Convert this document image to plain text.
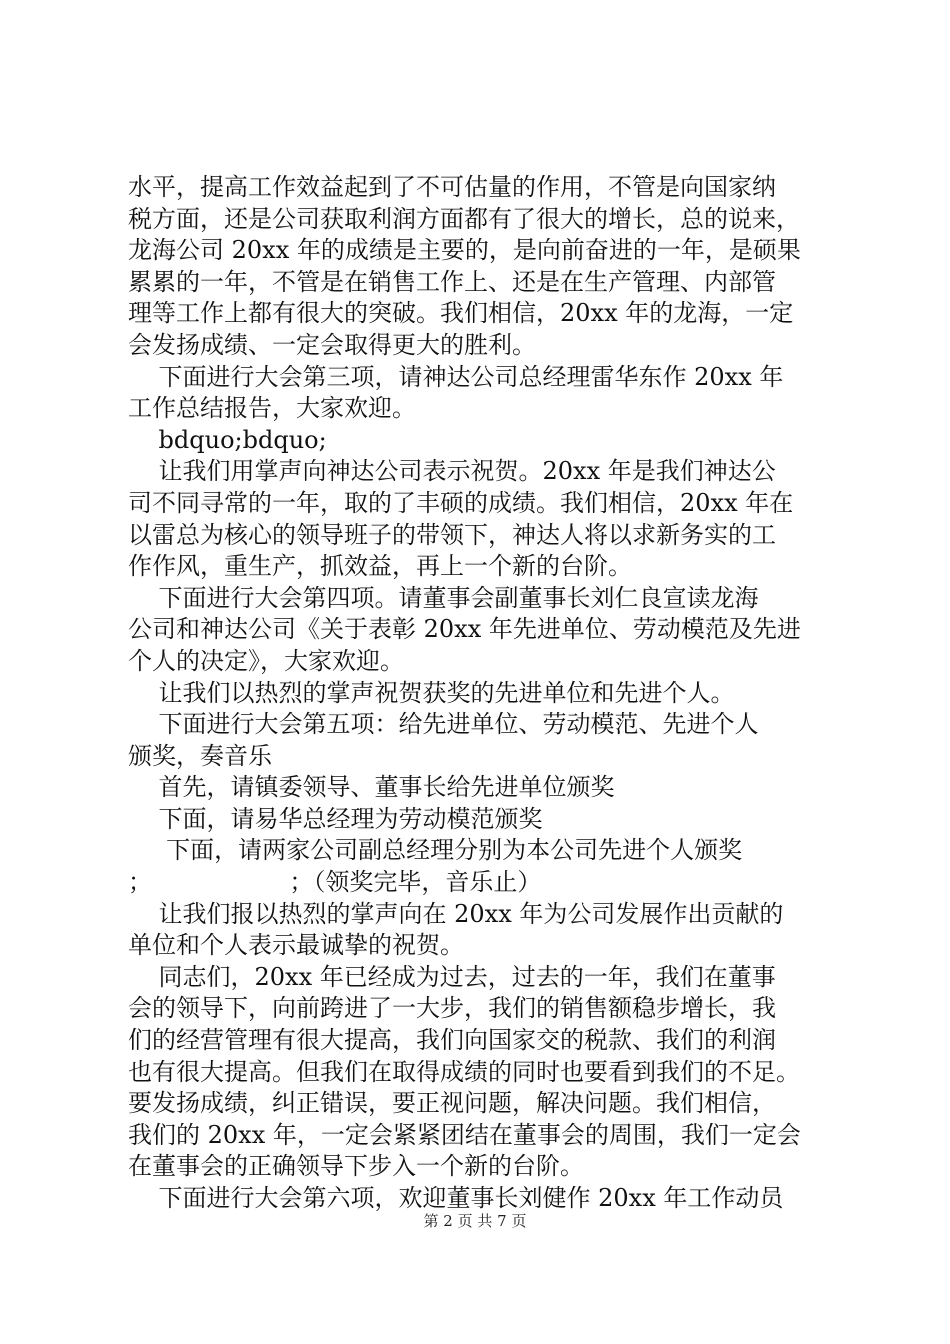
水平，提高工作效益起到了不可估量的作用，不管是向国家纳
税方面，还是公司获取利润方面都有了很大的增长，总的说来，
龙海公司 20xx 年的成绩是主要的，是向前奋进的一年，是硕果
累累的一年，不管是在销售工作上、还是在生产管理、内部管
理等工作上都有很大的突破。我们相信，20xx 年的龙海，一定
会发扬成绩、一定会取得更大的胜利。
下面进行大会第三项，请神达公司总经理雷华东作 20xx 年
工作总结报告，大家欢迎。
bdquo;bdquo;
让我们用掌声向神达公司表示祝贺。20xx 年是我们神达公
司不同寻常的一年，取的了丰硕的成绩。我们相信，20xx 年在
以雷总为核心的领导班子的带领下，神达人将以求新务实的工
作作风，重生产，抓效益，再上一个新的台阶。
下面进行大会第四项。请董事会副董事长刘仁良宣读龙海
公司和神达公司《关于表彰 20xx 年先进单位、劳动模范及先进
个人的决定》，大家欢迎。
让我们以热烈的掌声祝贺获奖的先进单位和先进个人。
下面进行大会第五项：给先进单位、劳动模范、先进个人
颁奖，奏音乐
首先，请镇委领导、董事长给先进单位颁奖
下面，请易华总经理为劳动模范颁奖
下面，请两家公司副总经理分别为本公司先进个人颁奖
；                  ；（领奖完毕，音乐止）
让我们报以热烈的掌声向在 20xx 年为公司发展作出贡献的
单位和个人表示最诚挚的祝贺。
同志们，20xx 年已经成为过去，过去的一年，我们在董事
会的领导下，向前跨进了一大步，我们的销售额稳步增长，我
们的经营管理有很大提高，我们向国家交的税款、我们的利润
也有很大提高。但我们在取得成绩的同时也要看到我们的不足。
要发扬成绩，纠正错误，要正视问题，解决问题。我们相信，
我们的 20xx 年，一定会紧紧团结在董事会的周围，我们一定会
在董事会的正确领导下步入一个新的台阶。
下面进行大会第六项，欢迎董事长刘健作 20xx 年工作动员
第 2 页 共 7 页
